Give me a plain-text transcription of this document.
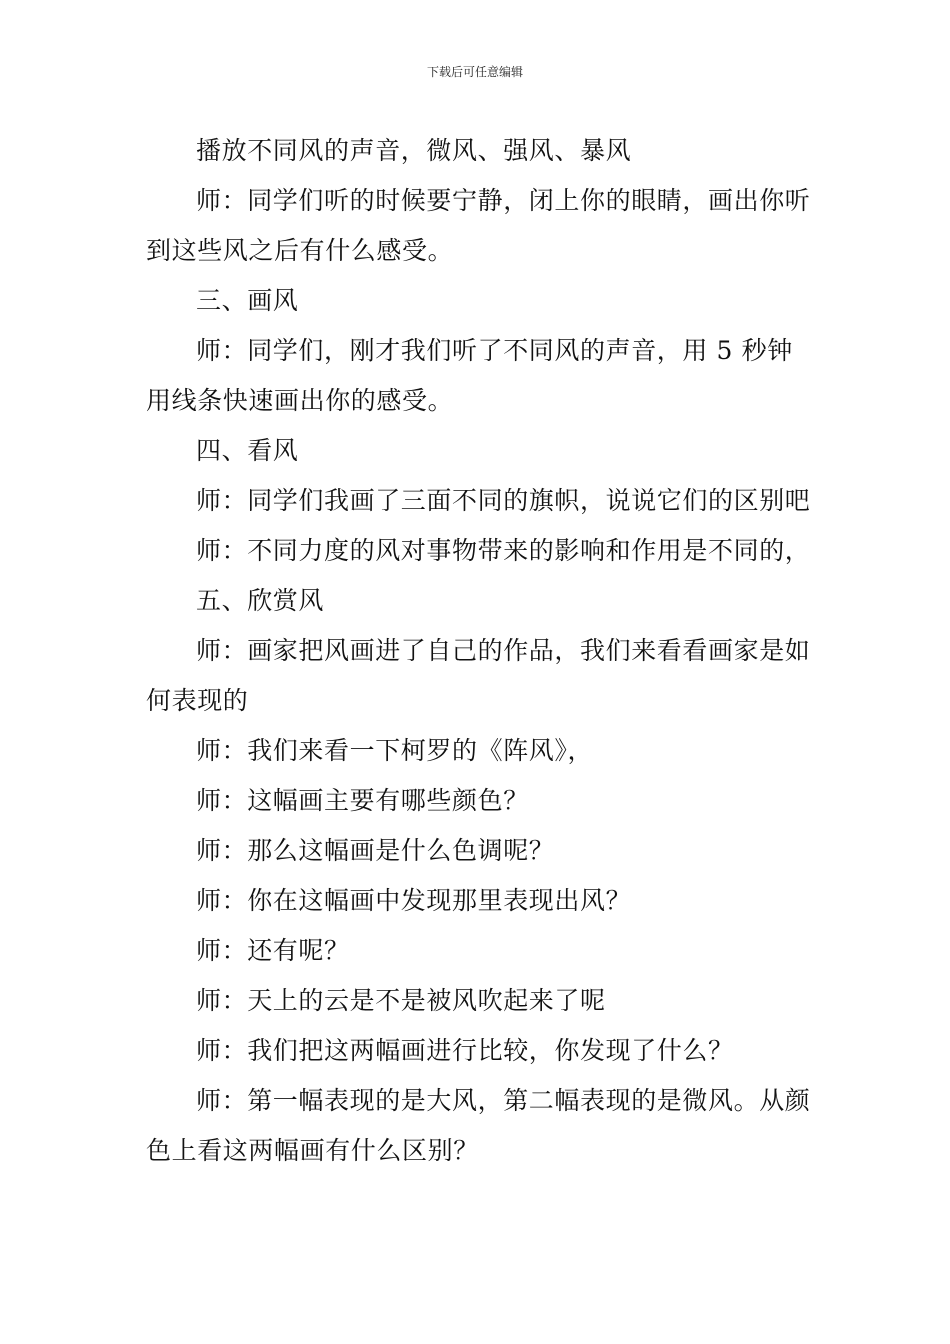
下载后可任意编辑

播放不同风的声音，微风、强风、暴风

师：同学们听的时候要宁静，闭上你的眼睛，画出你听到这些风之后有什么感受。

三、画风

师：同学们，刚才我们听了不同风的声音，用 5 秒钟用线条快速画出你的感受。

四、看风

师：同学们我画了三面不同的旗帜，说说它们的区别吧

师：不同力度的风对事物带来的影响和作用是不同的，

五、欣赏风

师：画家把风画进了自己的作品，我们来看看画家是如何表现的

师：我们来看一下柯罗的《阵风》，

师：这幅画主要有哪些颜色？

师：那么这幅画是什么色调呢？

师：你在这幅画中发现那里表现出风？

师：还有呢？

师：天上的云是不是被风吹起来了呢

师：我们把这两幅画进行比较，你发现了什么？

师：第一幅表现的是大风，第二幅表现的是微风。从颜色上看这两幅画有什么区别？
